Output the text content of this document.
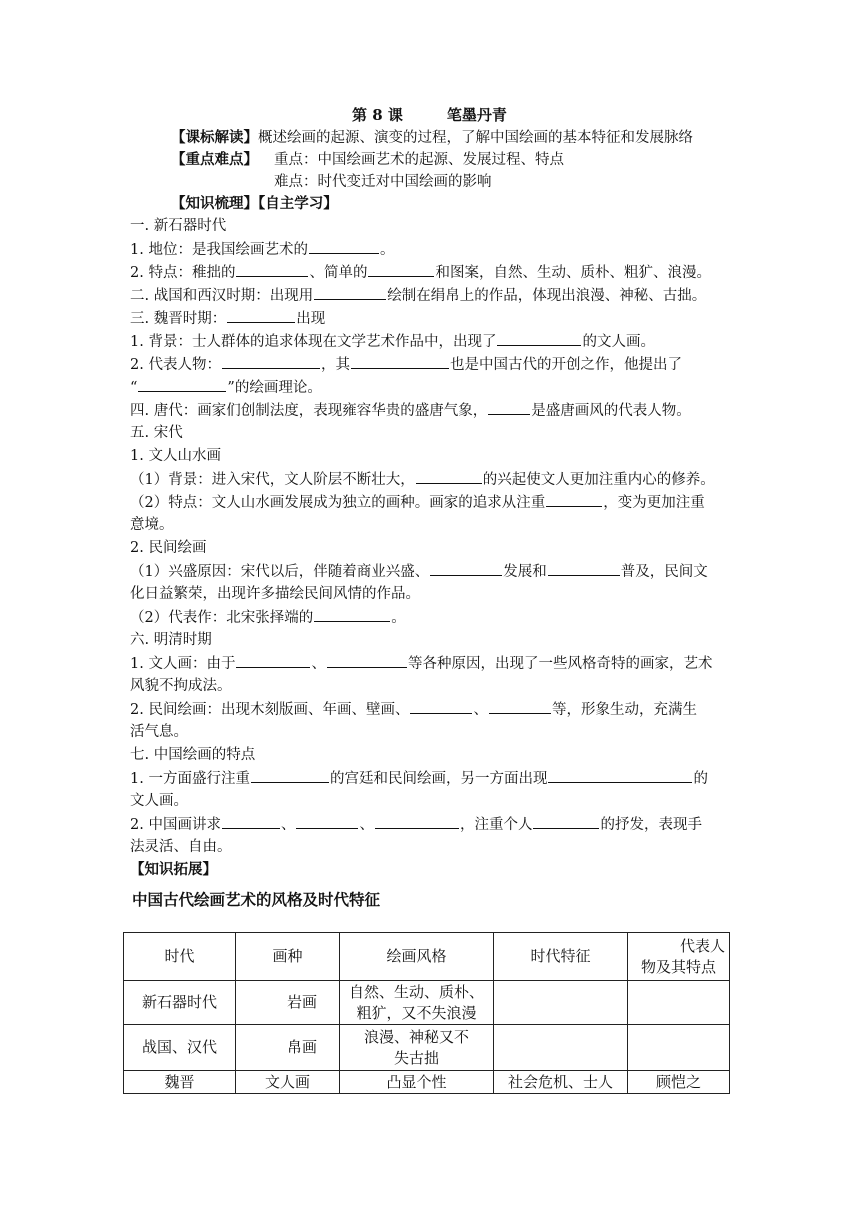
第 8 课	笔墨丹青
【课标解读】概述绘画的起源、演变的过程，了解中国绘画的基本特征和发展脉络
【重点难点】 重点：中国绘画艺术的起源、发展过程、特点
难点：时代变迁对中国绘画的影响
【知识梳理】【自主学习】
一. 新石器时代
1. 地位：是我国绘画艺术的	。
2. 特点：稚拙的	、简单的	和图案，自然、生动、质朴、粗犷、浪漫。
二. 战国和西汉时期：出现用	绘制在绢帛上的作品，体现出浪漫、神秘、古拙。
三. 魏晋时期：	出现
1. 背景：士人群体的追求体现在文学艺术作品中，出现了	的文人画。
2. 代表人物：	，其	也是中国古代的开创之作，他提出了
“	”的绘画理论。
四. 唐代：画家们创制法度，表现雍容华贵的盛唐气象，	是盛唐画风的代表人物。
五. 宋代
1. 文人山水画
（1）背景：进入宋代，文人阶层不断壮大，	的兴起使文人更加注重内心的修养。
（2）特点：文人山水画发展成为独立的画种。画家的追求从注重	，变为更加注重
意境。
2. 民间绘画
（1）兴盛原因：宋代以后，伴随着商业兴盛、	发展和	普及，民间文
化日益繁荣，出现许多描绘民间风情的作品。
（2）代表作：北宋张择端的	。
六. 明清时期
1. 文人画：由于	、	等各种原因，出现了一些风格奇特的画家，艺术
风貌不拘成法。
2. 民间绘画：出现木刻版画、年画、壁画、	、	等，形象生动，充满生
活气息。
七. 中国绘画的特点
1. 一方面盛行注重	的宫廷和民间绘画，另一方面出现	的
文人画。
2. 中国画讲求	、	、	，注重个人	的抒发，表现手
法灵活、自由。
【知识拓展】
中国古代绘画艺术的风格及时代特征
时代	画种	绘画风格	时代特征	代表人
物及其特点

新石器时代	岩画	自然、生动、质朴、
粗犷，又不失浪漫		

战国、汉代	帛画	浪漫、神秘又不
失古拙		

魏晋	文人画	凸显个性	社会危机、士人	顾恺之
